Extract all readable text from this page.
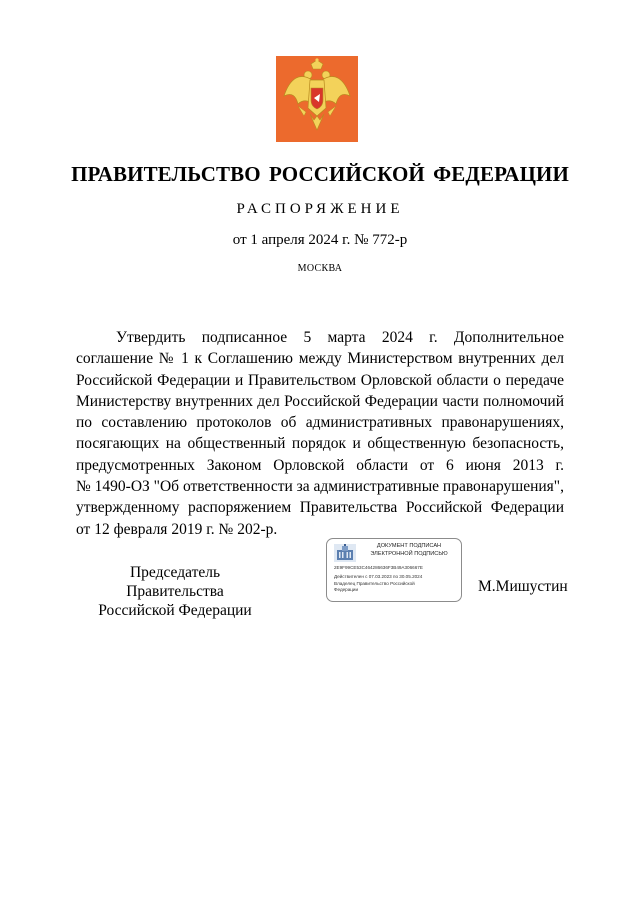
ПРАВИТЕЛЬСТВО РОССИЙСКОЙ ФЕДЕРАЦИИ
РАСПОРЯЖЕНИЕ
от 1 апреля 2024 г. № 772-р
МОСКВА
Утвердить подписанное 5 марта 2024 г. Дополнительное
соглашение № 1 к Соглашению между Министерством внутренних дел
Российской Федерации и Правительством Орловской области о передаче
Министерству внутренних дел Российской Федерации части полномочий
по составлению протоколов об административных правонарушениях,
посягающих на общественный порядок и общественную безопасность,
предусмотренных Законом Орловской области от 6 июня 2013 г.
№ 1490-ОЗ "Об ответственности за административные правонарушения",
утвержденному распоряжением Правительства Российской Федерации
от 12 февраля 2019 г. № 202-р.
Председатель Правительства
Российской Федерации
ДОКУМЕНТ ПОДПИСАН
ЭЛЕКТРОННОЙ ПОДПИСЬЮ
2E9F99CE53C464286636F3B49A306667E
Действителен с 07.03.2023 по 30.05.2024
Владелец Правительство Российской
Федерации	М.Мишустин
